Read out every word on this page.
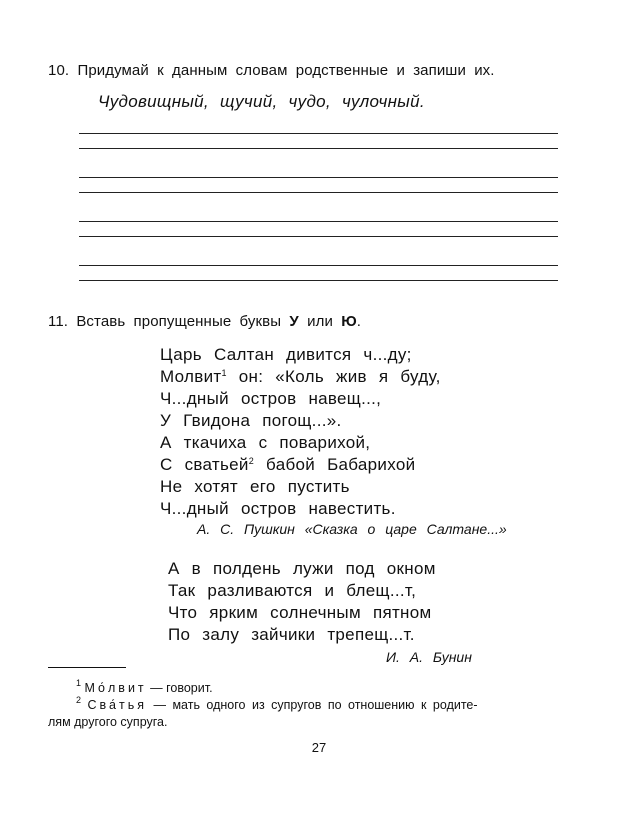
10. Придумай к данным словам родственные и запиши их.
Чудовищный, щучий, чудо, чулочный.
11. Вставь пропущенные буквы У или Ю.
Царь Салтан дивится ч...ду;
Молвит$^1$ он: «Коль жив я буду,
Ч...дный остров навещ...,
У Гвидона погощ...».
А ткачиха с поварихой,
С сватьей$^2$ бабой Бабарихой
Не хотят его пустить
Ч...дный остров навестить.
А. С. Пушкин «Сказка о царе Салтане...»
А в полдень лужи под окном
Так разливаются и блещ...т,
Что ярким солнечным пятном
По залу зайчики трепещ...т.
И. А. Бунин
$^1$ Мо́лвит — говорит.
$^2$ Сва́тья — мать одного из супругов по отношению к родите-
лям другого супруга.
27
